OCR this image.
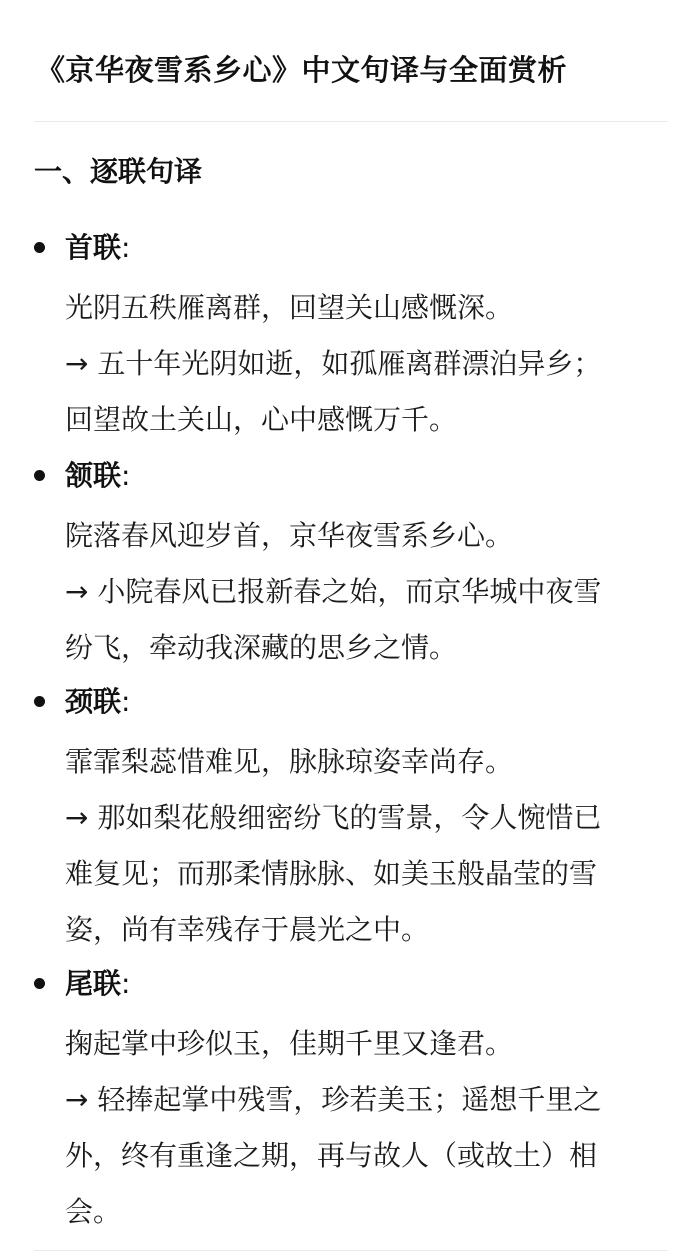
《京华夜雪系乡心》中文句译与全面赏析
一、逐联句译
首联:
光阴五秩雁离群，回望关山感慨深。
→ 五十年光阴如逝，如孤雁离群漂泊异乡；
回望故土关山，心中感慨万千。
颔联:
院落春风迎岁首，京华夜雪系乡心。
→ 小院春风已报新春之始，而京华城中夜雪
纷飞，牵动我深藏的思乡之情。
颈联:
霏霏梨蕊惜难见，脉脉琼姿幸尚存。
→ 那如梨花般细密纷飞的雪景，令人惋惜已
难复见；而那柔情脉脉、如美玉般晶莹的雪
姿，尚有幸残存于晨光之中。
尾联:
掬起掌中珍似玉，佳期千里又逢君。
→ 轻捧起掌中残雪，珍若美玉；遥想千里之
外，终有重逢之期，再与故人（或故土）相
会。
